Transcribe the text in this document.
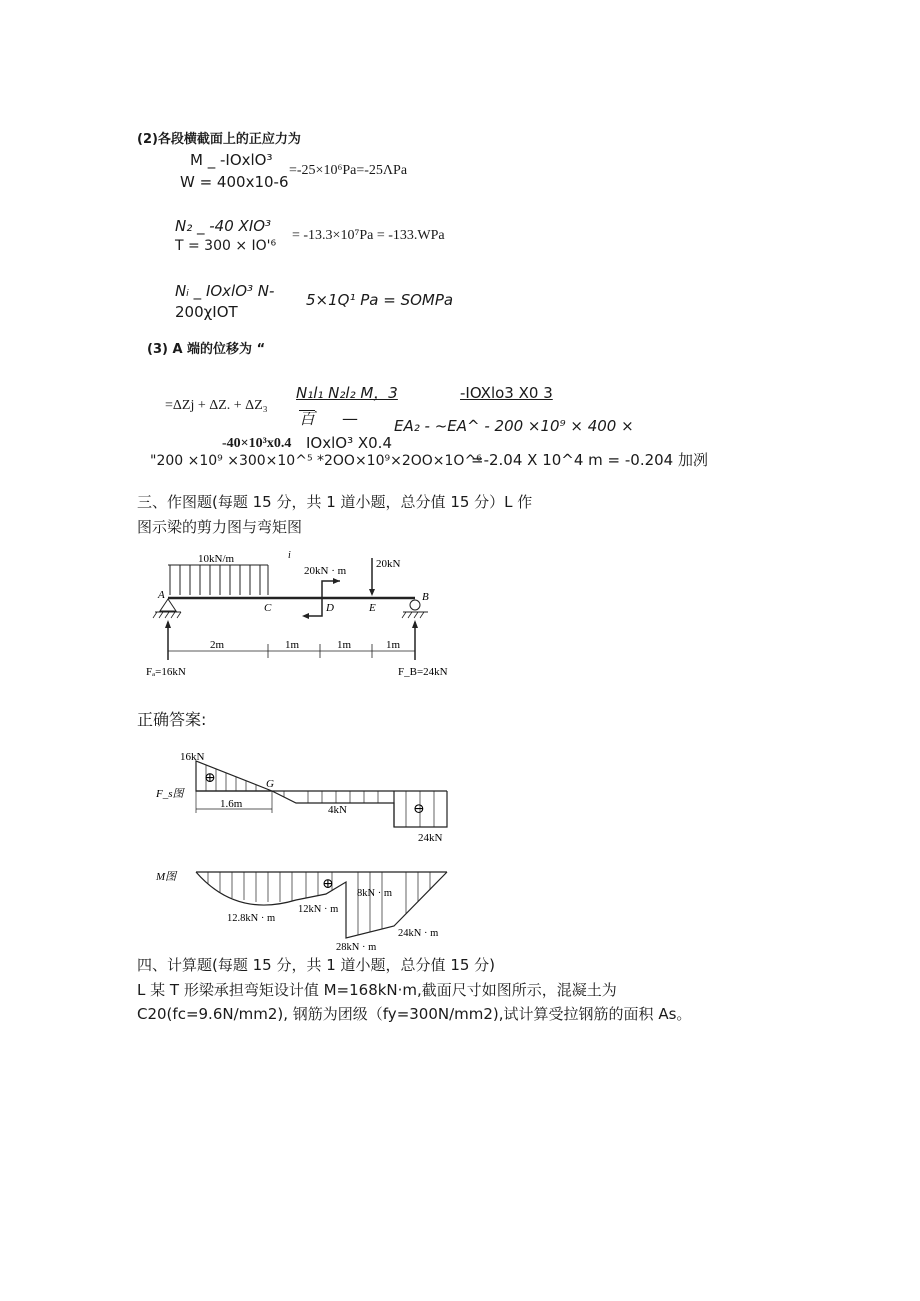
(2)各段横截面上的正应力为
M _ -IOxlO³
W = 400x10-6
=-25×10⁶Pa=-25ΛPa
N₂ _ -40 XIO³
T = 300 × IO'⁶
= -13.3×10⁷Pa = -133.WPa
Nᵢ _ IOxlO³ N-
200χIOT
5×1Q¹ Pa = SOMPa
(3) A 端的位移为 “
=ΔZj + ΔZ. + ΔZ₃
N₁l₁ N₂l₂ M，3	-IOXlo3 X0 3
百 — EA₂ - ~EA^ - 200 ×10⁹ × 400 ×
-40×10³x0.4 IOxlO³ X0.4
"200 ×10⁹ ×300×10^⁵ *2OO×10⁹×2OO×1O^⁶
=-2.04 X 10^4 m = -0.204 加冽
三、作图题(每题 15 分，共 1 道小题，总分值 15 分）L 作
图示梁的剪力图与弯矩图
10kN/m	i
20kN · m
20kN
A
C	D	E
B
2m	1m	1m	1m
Fₐ=16kN	F_B=24kN
正确答案:
16kN
⊕	G
F_s图
1.6m	4kN	⊖
24kN
⊕
M图
12.8kN · m
12kN · m
8kN · m
28kN · m
24kN · m
四、计算题(每题 15 分，共 1 道小题，总分值 15 分)
L 某 T 形梁承担弯矩设计值 M=168kN·m,截面尺寸如图所示，混凝土为
C20(fc=9.6N∕mm2), 钢筋为团级（fy=300N∕mm2),试计算受拉钢筋的面积 As。
